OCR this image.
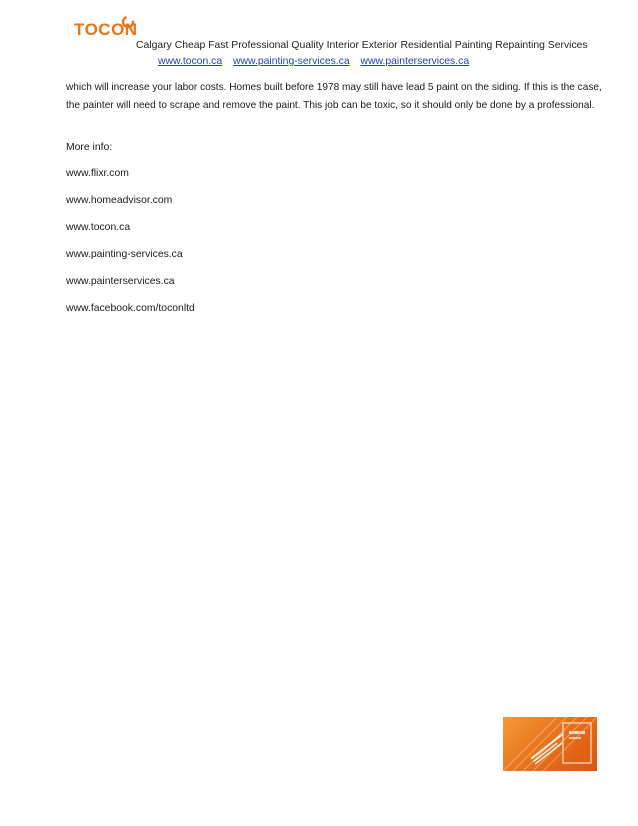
TOCON
Calgary Cheap Fast Professional Quality Interior Exterior Residential Painting Repainting Services
www.tocon.ca www.painting-services.ca www.painterservices.ca

which will increase your labor costs. Homes built before 1978 may still have lead 5 paint on the siding. If this is the case, the painter will need to scrape and remove the paint. This job can be toxic, so it should only be done by a professional.

More info:
www.flixr.com
www.homeadvisor.com
www.tocon.ca
www.painting-services.ca
www.painterservices.ca
www.facebook.com/toconltd
